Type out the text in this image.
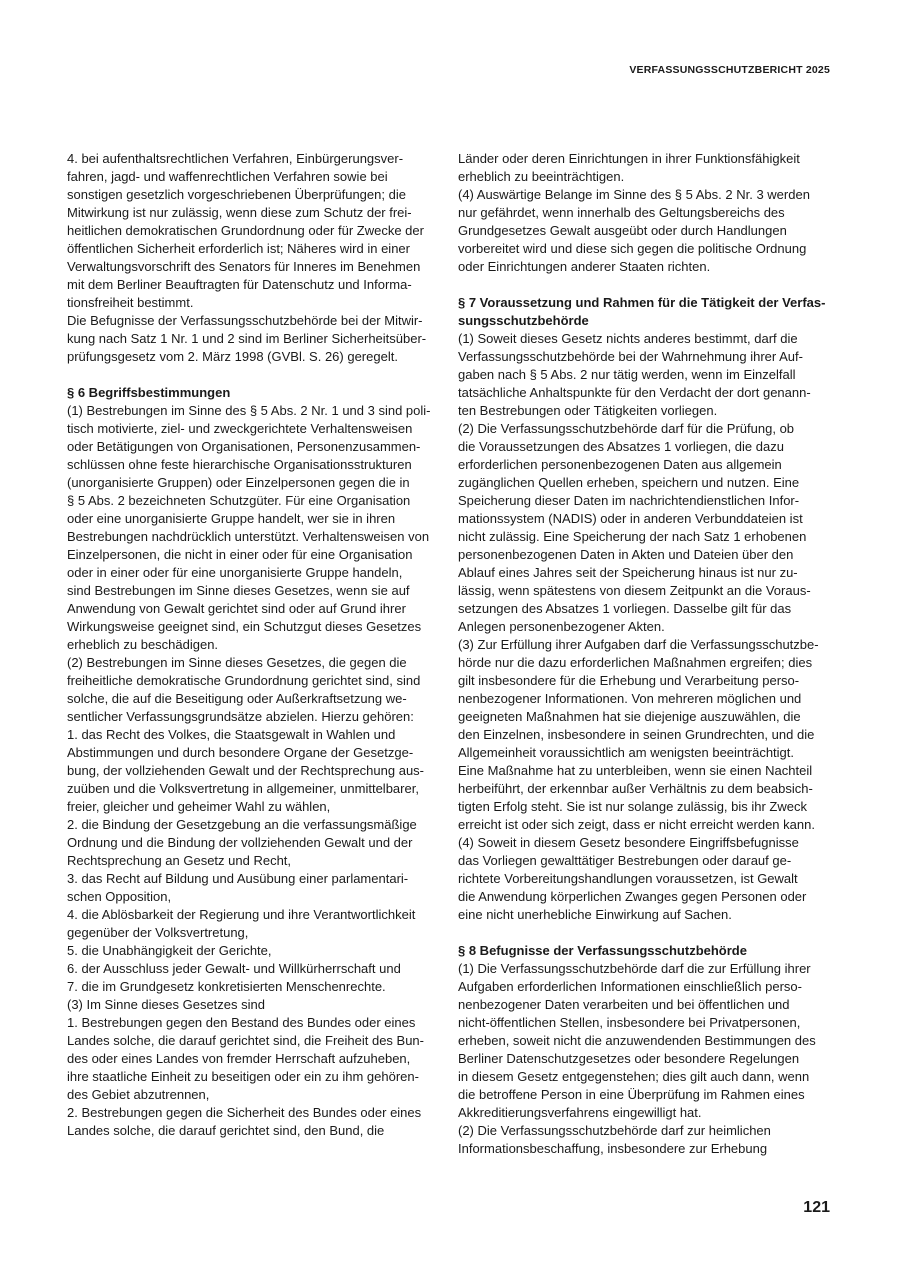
VERFASSUNGSSCHUTZBERICHT 2025

4. bei aufenthaltsrechtlichen Verfahren, Einbürgerungsver-
fahren, jagd- und waffenrechtlichen Verfahren sowie bei
sonstigen gesetzlich vorgeschriebenen Überprüfungen; die
Mitwirkung ist nur zulässig, wenn diese zum Schutz der frei-
heitlichen demokratischen Grundordnung oder für Zwecke der
öffentlichen Sicherheit erforderlich ist; Näheres wird in einer
Verwaltungsvorschrift des Senators für Inneres im Benehmen
mit dem Berliner Beauftragten für Datenschutz und Informa-
tionsfreiheit bestimmt.

Die Befugnisse der Verfassungsschutzbehörde bei der Mitwir-
kung nach Satz 1 Nr. 1 und 2 sind im Berliner Sicherheitsüber-
prüfungsgesetz vom 2. März 1998 (GVBl. S. 26) geregelt.

§ 6 Begriffsbestimmungen

(1) Bestrebungen im Sinne des § 5 Abs. 2 Nr. 1 und 3 sind poli-
tisch motivierte, ziel- und zweckgerichtete Verhaltensweisen
oder Betätigungen von Organisationen, Personenzusammen-
schlüssen ohne feste hierarchische Organisationsstrukturen
(unorganisierte Gruppen) oder Einzelpersonen gegen die in
§ 5 Abs. 2 bezeichneten Schutzgüter. Für eine Organisation
oder eine unorganisierte Gruppe handelt, wer sie in ihren
Bestrebungen nachdrücklich unterstützt. Verhaltensweisen von
Einzelpersonen, die nicht in einer oder für eine Organisation
oder in einer oder für eine unorganisierte Gruppe handeln,
sind Bestrebungen im Sinne dieses Gesetzes, wenn sie auf
Anwendung von Gewalt gerichtet sind oder auf Grund ihrer
Wirkungsweise geeignet sind, ein Schutzgut dieses Gesetzes
erheblich zu beschädigen.

(2) Bestrebungen im Sinne dieses Gesetzes, die gegen die
freiheitliche demokratische Grundordnung gerichtet sind, sind
solche, die auf die Beseitigung oder Außerkraftsetzung we-
sentlicher Verfassungsgrundsätze abzielen. Hierzu gehören:

1. das Recht des Volkes, die Staatsgewalt in Wahlen und
Abstimmungen und durch besondere Organe der Gesetzge-
bung, der vollziehenden Gewalt und der Rechtsprechung aus-
zuüben und die Volksvertretung in allgemeiner, unmittelbarer,
freier, gleicher und geheimer Wahl zu wählen,

2. die Bindung der Gesetzgebung an die verfassungsmäßige
Ordnung und die Bindung der vollziehenden Gewalt und der
Rechtsprechung an Gesetz und Recht,

3. das Recht auf Bildung und Ausübung einer parlamentari-
schen Opposition,

4. die Ablösbarkeit der Regierung und ihre Verantwortlichkeit
gegenüber der Volksvertretung,

5. die Unabhängigkeit der Gerichte,

6. der Ausschluss jeder Gewalt- und Willkürherrschaft und

7. die im Grundgesetz konkretisierten Menschenrechte.

(3) Im Sinne dieses Gesetzes sind

1. Bestrebungen gegen den Bestand des Bundes oder eines
Landes solche, die darauf gerichtet sind, die Freiheit des Bun-
des oder eines Landes von fremder Herrschaft aufzuheben,
ihre staatliche Einheit zu beseitigen oder ein zu ihm gehören-
des Gebiet abzutrennen,

2. Bestrebungen gegen die Sicherheit des Bundes oder eines
Landes solche, die darauf gerichtet sind, den Bund, die

Länder oder deren Einrichtungen in ihrer Funktionsfähigkeit
erheblich zu beeinträchtigen.

(4) Auswärtige Belange im Sinne des § 5 Abs. 2 Nr. 3 werden
nur gefährdet, wenn innerhalb des Geltungsbereichs des
Grundgesetzes Gewalt ausgeübt oder durch Handlungen
vorbereitet wird und diese sich gegen die politische Ordnung
oder Einrichtungen anderer Staaten richten.

§ 7 Voraussetzung und Rahmen für die Tätigkeit der Verfas-
sungsschutzbehörde

(1) Soweit dieses Gesetz nichts anderes bestimmt, darf die
Verfassungsschutzbehörde bei der Wahrnehmung ihrer Auf-
gaben nach § 5 Abs. 2 nur tätig werden, wenn im Einzelfall
tatsächliche Anhaltspunkte für den Verdacht der dort genann-
ten Bestrebungen oder Tätigkeiten vorliegen.

(2) Die Verfassungsschutzbehörde darf für die Prüfung, ob
die Voraussetzungen des Absatzes 1 vorliegen, die dazu
erforderlichen personenbezogenen Daten aus allgemein
zugänglichen Quellen erheben, speichern und nutzen. Eine
Speicherung dieser Daten im nachrichtendienstlichen Infor-
mationssystem (NADIS) oder in anderen Verbunddateien ist
nicht zulässig. Eine Speicherung der nach Satz 1 erhobenen
personenbezogenen Daten in Akten und Dateien über den
Ablauf eines Jahres seit der Speicherung hinaus ist nur zu-
lässig, wenn spätestens von diesem Zeitpunkt an die Voraus-
setzungen des Absatzes 1 vorliegen. Dasselbe gilt für das
Anlegen personenbezogener Akten.

(3) Zur Erfüllung ihrer Aufgaben darf die Verfassungsschutzbe-
hörde nur die dazu erforderlichen Maßnahmen ergreifen; dies
gilt insbesondere für die Erhebung und Verarbeitung perso-
nenbezogener Informationen. Von mehreren möglichen und
geeigneten Maßnahmen hat sie diejenige auszuwählen, die
den Einzelnen, insbesondere in seinen Grundrechten, und die
Allgemeinheit voraussichtlich am wenigsten beeinträchtigt.
Eine Maßnahme hat zu unterbleiben, wenn sie einen Nachteil
herbeiführt, der erkennbar außer Verhältnis zu dem beabsich-
tigten Erfolg steht. Sie ist nur solange zulässig, bis ihr Zweck
erreicht ist oder sich zeigt, dass er nicht erreicht werden kann.

(4) Soweit in diesem Gesetz besondere Eingriffsbefugnisse
das Vorliegen gewalttätiger Bestrebungen oder darauf ge-
richtete Vorbereitungshandlungen voraussetzen, ist Gewalt
die Anwendung körperlichen Zwanges gegen Personen oder
eine nicht unerhebliche Einwirkung auf Sachen.

§ 8 Befugnisse der Verfassungsschutzbehörde

(1) Die Verfassungsschutzbehörde darf die zur Erfüllung ihrer
Aufgaben erforderlichen Informationen einschließlich perso-
nenbezogener Daten verarbeiten und bei öffentlichen und
nicht-öffentlichen Stellen, insbesondere bei Privatpersonen,
erheben, soweit nicht die anzuwendenden Bestimmungen des
Berliner Datenschutzgesetzes oder besondere Regelungen
in diesem Gesetz entgegenstehen; dies gilt auch dann, wenn
die betroffene Person in eine Überprüfung im Rahmen eines
Akkreditierungsverfahrens eingewilligt hat.

(2) Die Verfassungsschutzbehörde darf zur heimlichen
Informationsbeschaffung, insbesondere zur Erhebung

121
